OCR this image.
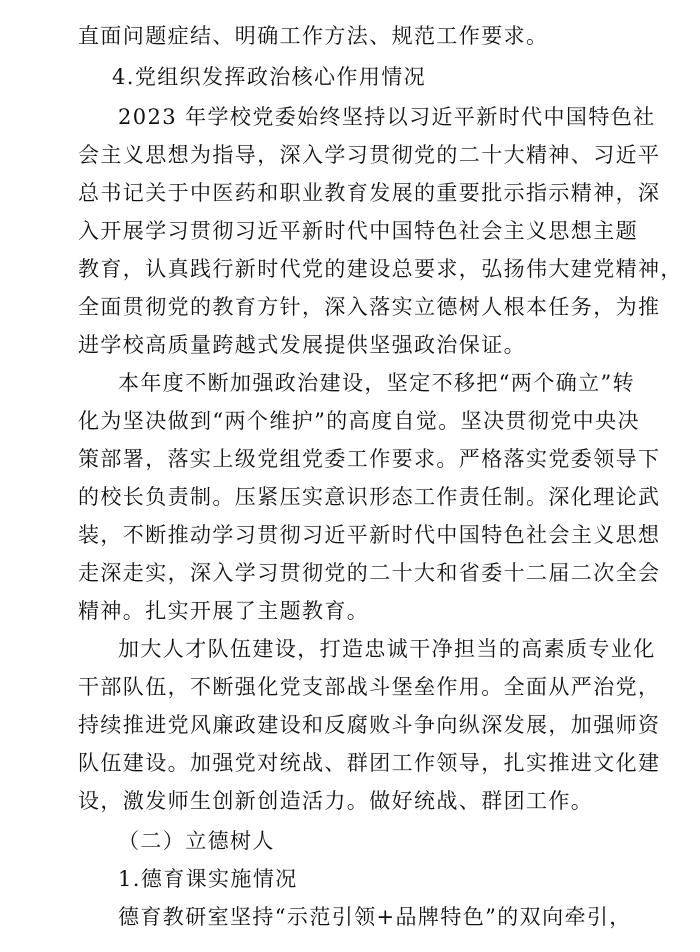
直面问题症结、明确工作方法、规范工作要求。
4.党组织发挥政治核心作用情况
2023 年学校党委始终坚持以习近平新时代中国特色社
会主义思想为指导，深入学习贯彻党的二十大精神、习近平
总书记关于中医药和职业教育发展的重要批示指示精神，深
入开展学习贯彻习近平新时代中国特色社会主义思想主题
教育，认真践行新时代党的建设总要求，弘扬伟大建党精神，
全面贯彻党的教育方针，深入落实立德树人根本任务，为推
进学校高质量跨越式发展提供坚强政治保证。
本年度不断加强政治建设，坚定不移把“两个确立”转
化为坚决做到“两个维护”的高度自觉。坚决贯彻党中央决
策部署，落实上级党组党委工作要求。严格落实党委领导下
的校长负责制。压紧压实意识形态工作责任制。深化理论武
装，不断推动学习贯彻习近平新时代中国特色社会主义思想
走深走实，深入学习贯彻党的二十大和省委十二届二次全会
精神。扎实开展了主题教育。
加大人才队伍建设，打造忠诚干净担当的高素质专业化
干部队伍，不断强化党支部战斗堡垒作用。全面从严治党，
持续推进党风廉政建设和反腐败斗争向纵深发展，加强师资
队伍建设。加强党对统战、群团工作领导，扎实推进文化建
设，激发师生创新创造活力。做好统战、群团工作。
（二）立德树人
1.德育课实施情况
德育教研室坚持“示范引领+品牌特色”的双向牵引，
